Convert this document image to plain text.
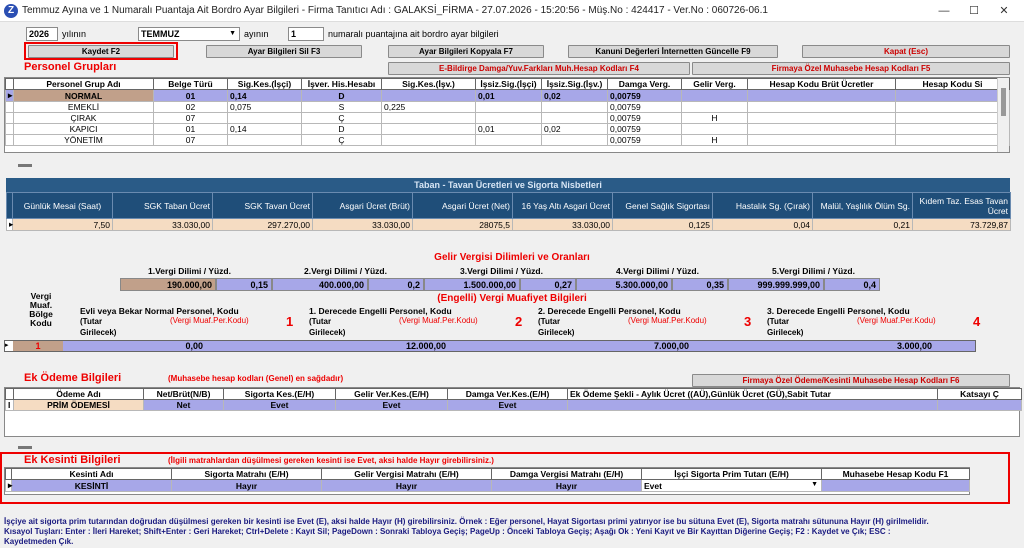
Z Temmuz Ayına ve 1 Numaralı Puantaja Ait Bordro Ayar Bilgileri - Firma Tanıtıcı Adı : GALAKSİ_FİRMA - 27.07.2026 - 15:20:56 - Müş.No : 424417 - Ver.No : 060726-06.1	—	☐	✕
2026	yılının	TEMMUZ	▼ ayının	1	numaralı puantajına ait bordro ayar bilgileri
Kaydet F2	Ayar Bilgileri Sil F3	Ayar Bilgileri Kopyala F7	Kanuni Değerleri İnternetten Güncelle F9	Kapat (Esc)
Personel Grupları	E-Bildirge Damga/Yuv.Farkları Muh.Hesap Kodları F4	Firmaya Özel Muhasebe Hesap Kodları F5
	Personel Grup Adı	Belge Türü	Sig.Kes.(İşçi)	İşver. His.Hesabı	Sig.Kes.(İşv.)	İşsiz.Sig.(İşçi)	İşsiz.Sig.(İşv.)	Damga Verg.	Gelir Verg.	Hesap Kodu Brüt Ücretler	Hesap Kodu Si
▸	NORMAL	01	0,14	D		0,01	0,02	0,00759			
	EMEKLİ	02	0,075	S	0,225			0,00759			
	ÇIRAK	07		Ç				0,00759	H		
	KAPICI	01	0,14	D		0,01	0,02	0,00759			
	YÖNETİM	07		Ç				0,00759	H		
Taban - Tavan Ücretleri ve Sigorta Nisbetleri
	Günlük Mesai (Saat)	SGK Taban Ücret	SGK Tavan Ücret	Asgari Ücret (Brüt)	Asgari Ücret (Net)	16 Yaş Altı Asgari Ücret	Genel Sağlık Sigortası	Hastalık Sg. (Çırak)	Malül, Yaşlılık Ölüm Sg.	Kıdem Taz. Esas Tavan Ücret
▸	7,50	33.030,00	297.270,00	33.030,00	28075,5	33.030,00	0,125	0,04	0,21	73.729,87
Gelir Vergisi Dilimleri ve Oranları
1.Vergi Dilimi / Yüzd.	2.Vergi Dilimi / Yüzd.	3.Vergi Dilimi / Yüzd.	4.Vergi Dilimi / Yüzd.	5.Vergi Dilimi / Yüzd.
190.000,00	0,15	400.000,00	0,2	1.500.000,00	0,27	5.300.000,00	0,35	999.999.999,00	0,4
Vergi Muaf. Bölge Kodu
(Engelli) Vergi Muafiyet Bilgileri
Evli veya Bekar Normal Personel, Kodu
(Tutar Girilecek)
(Vergi Muaf.Per.Kodu)	1
1. Derecede Engelli Personel, Kodu
(Tutar Girilecek)
(Vergi Muaf.Per.Kodu)	2
2. Derecede Engelli Personel, Kodu
(Tutar Girilecek)
(Vergi Muaf.Per.Kodu)	3
3. Derecede Engelli Personel, Kodu
(Tutar Girilecek)
(Vergi Muaf.Per.Kodu)	4
▸	1	0,00	12.000,00	7.000,00	3.000,00
Ek Ödeme Bilgileri	(Muhasebe hesap kodları (Genel) en sağdadır)	Firmaya Özel Ödeme/Kesinti Muhasebe Hesap Kodları F6
	Ödeme Adı	Net/Brüt(N/B)	Sigorta Kes.(E/H)	Gelir Ver.Kes.(E/H)	Damga Ver.Kes.(E/H)	Ek Ödeme Şekli - Aylık Ücret ((AÜ),Günlük Ücret (GÜ),Sabit Tutar	Katsayı Ç
I	PRİM ÖDEMESİ	Net	Evet	Evet	Evet		
Ek Kesinti Bilgileri	(İlgili matrahlardan düşülmesi gereken kesinti ise Evet, aksi halde Hayır girebilirsiniz.)
	Kesinti Adı	Sigorta Matrahı (E/H)	Gelir Vergisi Matrahı (E/H)	Damga Vergisi Matrahı (E/H)	İşçi Sigorta Prim Tutarı (E/H)	Muhasebe Hesap Kodu F1
▸	KESİNTİ	Hayır	Hayır	Hayır	Evet ▼	

İşçiye ait sigorta prim tutarından doğrudan düşülmesi gereken bir kesinti ise Evet (E), aksi halde Hayır (H) girebilirsiniz. Örnek : Eğer personel, Hayat Sigortası primi yatırıyor ise bu sütuna Evet (E), Sigorta matrahı sütununa Hayır (H) girilmelidir.
Kısayol Tuşları: Enter : İleri Hareket; Shift+Enter : Geri Hareket; Ctrl+Delete : Kayıt Sil; PageDown : Sonraki Tabloya Geçiş; PageUp : Önceki Tabloya Geçiş; Aşağı Ok : Yeni Kayıt ve Bir Kayıttan Diğerine Geçiş; F2 : Kaydet ve Çık; ESC :
Kaydetmeden Çık.
